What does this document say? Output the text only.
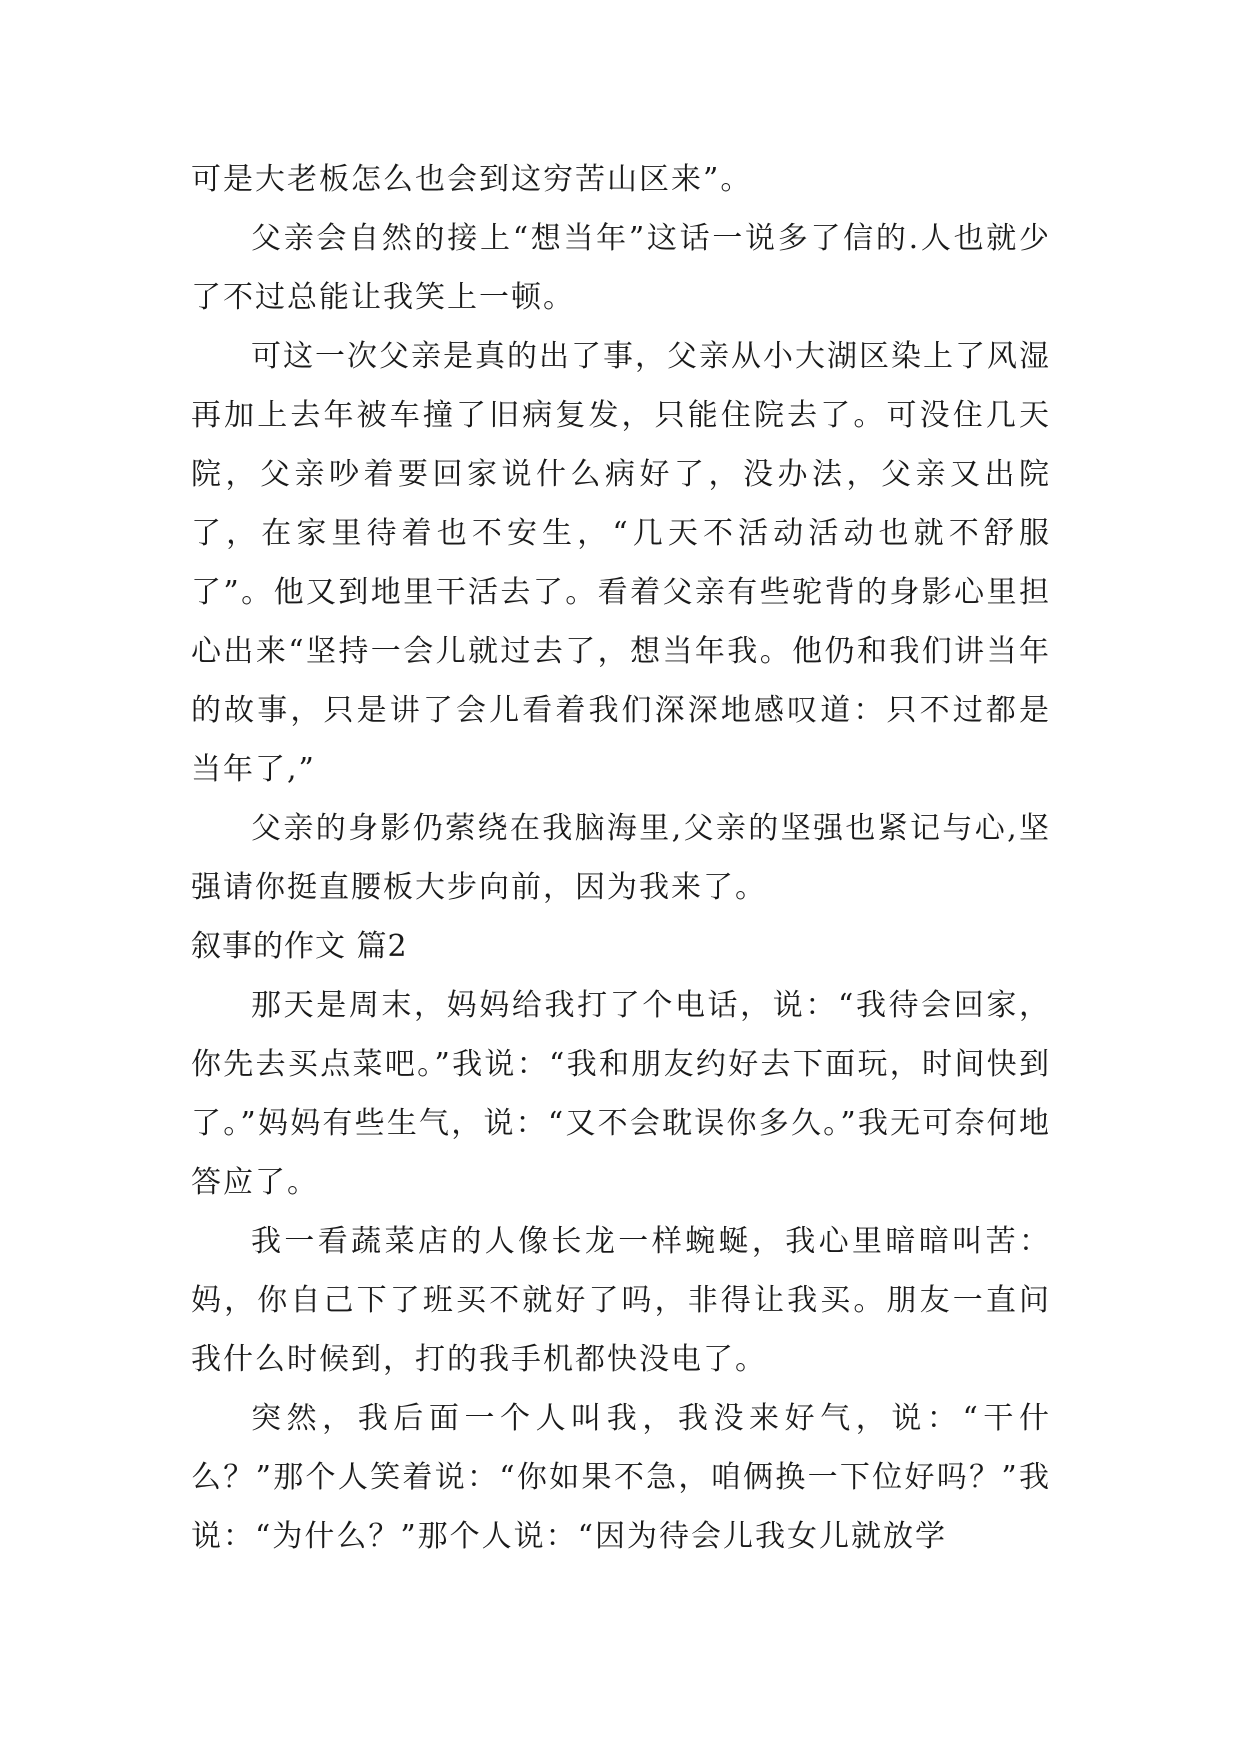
可是大老板怎么也会到这穷苦山区来”。

父亲会自然的接上“想当年”这话一说多了信的.人也就少了不过总能让我笑上一顿。

可这一次父亲是真的出了事，父亲从小大湖区染上了风湿再加上去年被车撞了旧病复发，只能住院去了。可没住几天院，父亲吵着要回家说什么病好了，没办法，父亲又出院了，在家里待着也不安生，“几天不活动活动也就不舒服了”。他又到地里干活去了。看着父亲有些驼背的身影心里担心出来“坚持一会儿就过去了，想当年我。他仍和我们讲当年的故事，只是讲了会儿看着我们深深地感叹道：只不过都是当年了,”

父亲的身影仍萦绕在我脑海里,父亲的坚强也紧记与心,坚强请你挺直腰板大步向前，因为我来了。

叙事的作文 篇2

那天是周末，妈妈给我打了个电话，说：“我待会回家，你先去买点菜吧。”我说：“我和朋友约好去下面玩，时间快到了。”妈妈有些生气，说：“又不会耽误你多久。”我无可奈何地答应了。

我一看蔬菜店的人像长龙一样蜿蜒，我心里暗暗叫苦：妈，你自己下了班买不就好了吗，非得让我买。朋友一直问我什么时候到，打的我手机都快没电了。

突然，我后面一个人叫我，我没来好气，说：“干什么？”那个人笑着说：“你如果不急，咱俩换一下位好吗？”我说：“为什么？”那个人说：“因为待会儿我女儿就放学
